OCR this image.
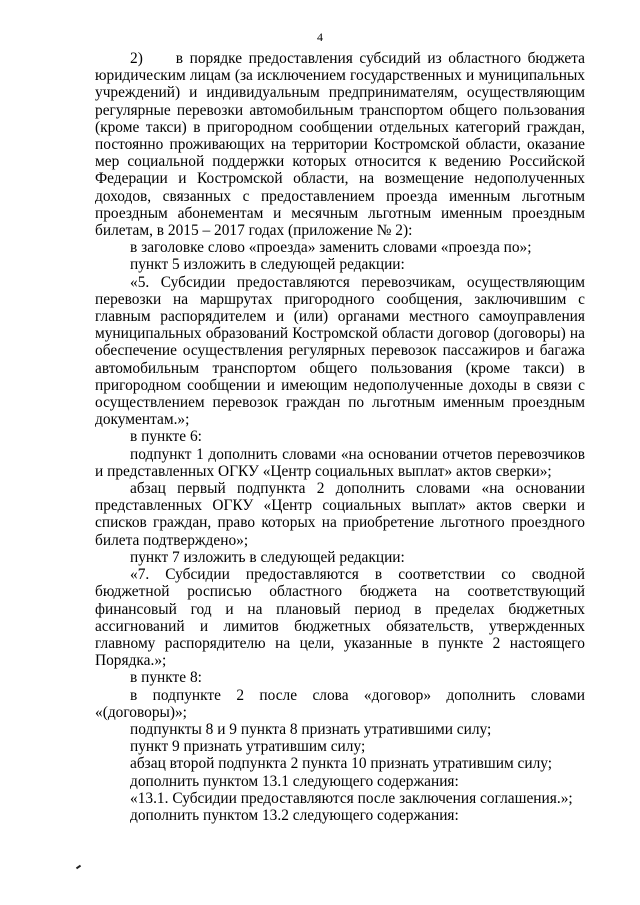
4

2)     в порядке предоставления субсидий из областного бюджета юридическим лицам (за исключением государственных и муниципальных учреждений) и индивидуальным предпринимателям, осуществляющим регулярные перевозки автомобильным транспортом общего пользования (кроме такси) в пригородном сообщении отдельных категорий граждан, постоянно проживающих на территории Костромской области, оказание мер социальной поддержки которых относится к ведению Российской Федерации и Костромской области, на возмещение недополученных доходов, связанных с предоставлением проезда именным льготным проездным абонементам и месячным льготным именным проездным билетам, в 2015 – 2017 годах (приложение № 2):

в заголовке слово «проезда» заменить словами «проезда по»;

пункт 5 изложить в следующей редакции:

«5. Субсидии предоставляются перевозчикам, осуществляющим перевозки на маршрутах пригородного сообщения, заключившим с главным распорядителем и (или) органами местного самоуправления муниципальных образований Костромской области договор (договоры) на обеспечение осуществления регулярных перевозок пассажиров и багажа автомобильным транспортом общего пользования (кроме такси) в пригородном сообщении и имеющим недополученные доходы в связи с осуществлением перевозок граждан по льготным именным проездным документам.»;

в пункте 6:

подпункт 1 дополнить словами «на основании отчетов перевозчиков и представленных ОГКУ «Центр социальных выплат» актов сверки»;

абзац первый подпункта 2 дополнить словами «на основании представленных ОГКУ «Центр социальных выплат» актов сверки и списков граждан, право которых на приобретение льготного проездного билета подтверждено»;

пункт 7 изложить в следующей редакции:

«7. Субсидии предоставляются в соответствии со сводной бюджетной росписью областного бюджета на соответствующий финансовый год и на плановый период в пределах бюджетных ассигнований и лимитов бюджетных обязательств, утвержденных главному распорядителю на цели, указанные в пункте 2 настоящего Порядка.»;

в пункте 8:

в подпункте 2 после слова «договор» дополнить словами «(договоры)»;

подпункты 8 и 9 пункта 8 признать утратившими силу;

пункт 9 признать утратившим силу;

абзац второй подпункта 2 пункта 10 признать утратившим силу;

дополнить пунктом 13.1 следующего содержания:

«13.1. Субсидии предоставляются после заключения соглашения.»;

дополнить пунктом 13.2 следующего содержания:
